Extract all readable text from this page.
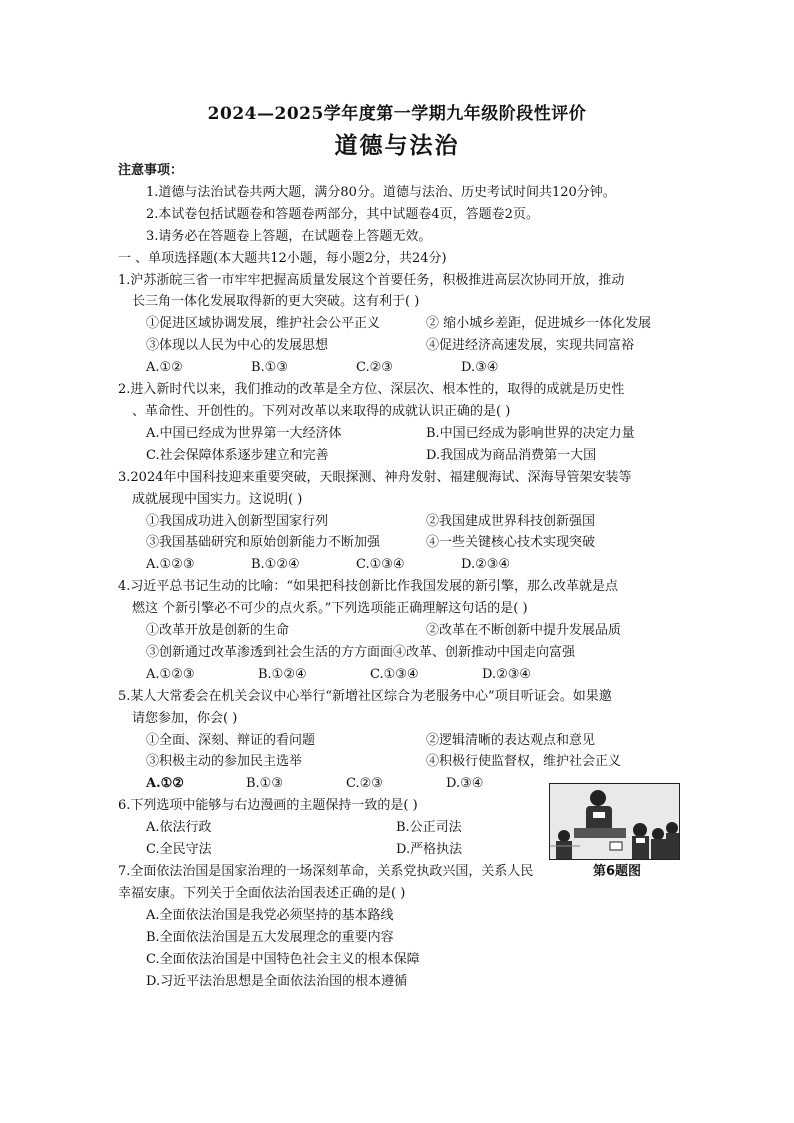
2024—2025学年度第一学期九年级阶段性评价
道德与法治
注意事项：
1.道德与法治试卷共两大题，满分80分。道德与法治、历史考试时间共120分钟。
2.本试卷包括试题卷和答题卷两部分，其中试题卷4页，答题卷2页。
3.请务必在答题卷上答题，在试题卷上答题无效。
一 、单项选择题(本大题共12小题，每小题2分，共24分)
1.沪苏浙皖三省一市牢牢把握高质量发展这个首要任务，积极推进高层次协同开放，推动
长三角一体化发展取得新的更大突破。这有利于( )
①促进区域协调发展，维护社会公平正义	② 缩小城乡差距，促进城乡一体化发展
③体现以人民为中心的发展思想	④促进经济高速发展，实现共同富裕
A.①②	B.①③	C.②③	D.③④
2.进入新时代以来，我们推动的改革是全方位、深层次、根本性的，取得的成就是历史性
、革命性、开创性的。下列对改革以来取得的成就认识正确的是( )
A.中国已经成为世界第一大经济体	B.中国已经成为影响世界的决定力量
C.社会保障体系逐步建立和完善	D.我国成为商品消费第一大国
3.2024年中国科技迎来重要突破，天眼探测、神舟发射、福建舰海试、深海导管架安装等
成就展现中国实力。这说明( )
①我国成功进入创新型国家行列	②我国建成世界科技创新强国
③我国基础研究和原始创新能力不断加强	④一些关键核心技术实现突破
A.①②③	B.①②④	C.①③④	D.②③④
4.习近平总书记生动的比喻：“如果把科技创新比作我国发展的新引擎，那么改革就是点
燃这 个新引擎必不可少的点火系。”下列选项能正确理解这句话的是( )
①改革开放是创新的生命	②改革在不断创新中提升发展品质
③创新通过改革渗透到社会生活的方方面面④改革、创新推动中国走向富强
A.①②③	B.①②④	C.①③④	D.②③④
5.某人大常委会在机关会议中心举行“新增社区综合为老服务中心”项目听证会。如果邀
请您参加，你会( )
①全面、深刻、辩证的看问题	②逻辑清晰的表达观点和意见
③积极主动的参加民主选举	④积极行使监督权，维护社会正义
A.①②	B.①③	C.②③	D.③④
6.下列选项中能够与右边漫画的主题保持一致的是( )
A.依法行政	B.公正司法
C.全民守法	D.严格执法
7.全面依法治国是国家治理的一场深刻革命，关系党执政兴国，关系人民
幸福安康。下列关于全面依法治国表述正确的是( )
A.全面依法治国是我党必须坚持的基本路线
B.全面依法治国是五大发展理念的重要内容
C.全面依法治国是中国特色社会主义的根本保障
D.习近平法治思想是全面依法治国的根本遵循
第6题图
